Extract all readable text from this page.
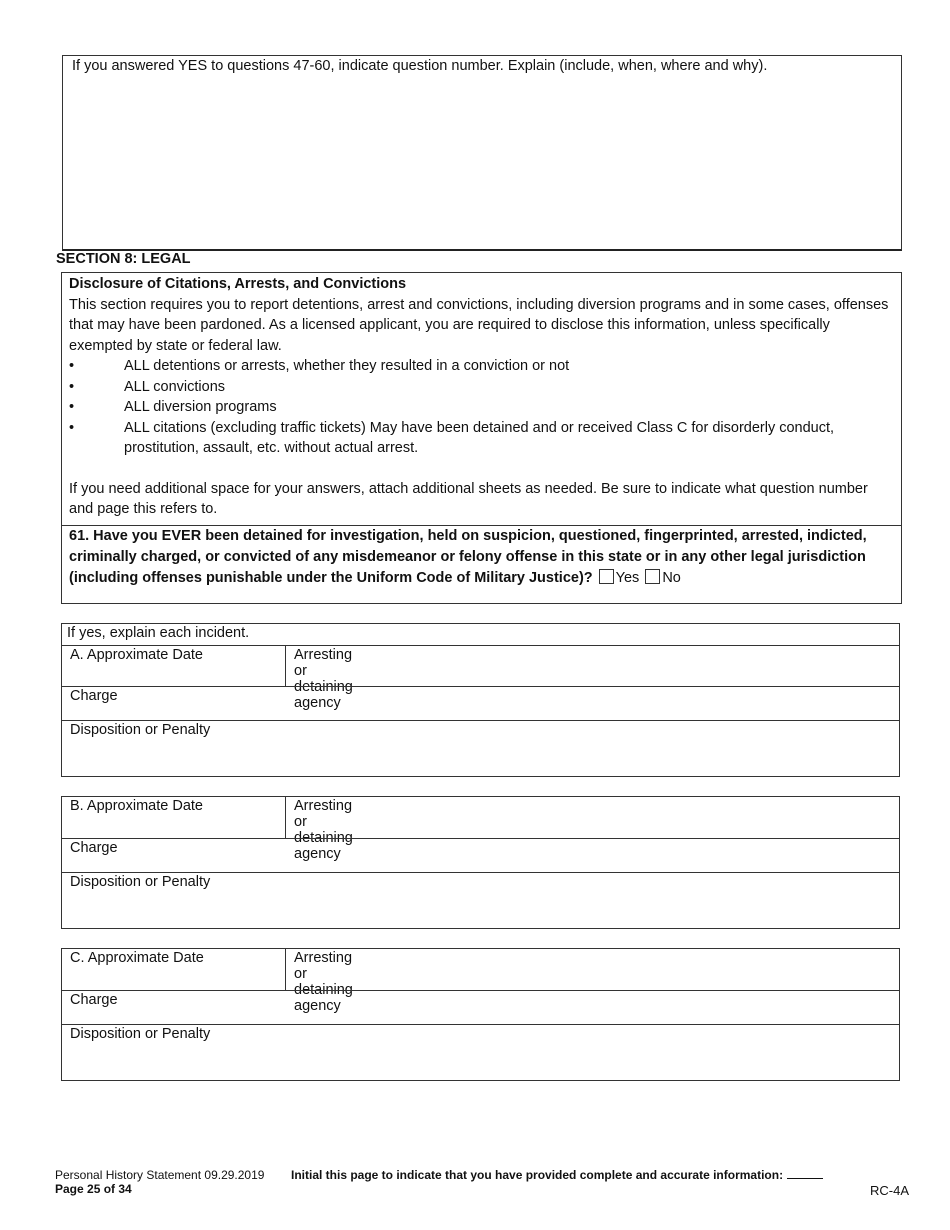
If you answered YES to questions 47-60, indicate question number. Explain (include, when, where and why).
SECTION 8: LEGAL
Disclosure of Citations, Arrests, and Convictions
This section requires you to report detentions, arrest and convictions, including diversion programs and in some cases, offenses that may have been pardoned. As a licensed applicant, you are required to disclose this information, unless specifically exempted by state or federal law.
•	ALL detentions or arrests, whether they resulted in a conviction or not
•	ALL convictions
•	ALL diversion programs
•	ALL citations (excluding traffic tickets) May have been detained and or received Class C for disorderly conduct, prostitution, assault, etc. without actual arrest.
If you need additional space for your answers, attach additional sheets as needed. Be sure to indicate what question number and page this refers to.
61. Have you EVER been detained for investigation, held on suspicion, questioned, fingerprinted, arrested, indicted, criminally charged, or convicted of any misdemeanor or felony offense in this state or in any other legal jurisdiction (including offenses punishable under the Uniform Code of Military Justice)? Yes No
If yes, explain each incident.
A. Approximate Date	Arresting or detaining agency
Charge
Disposition or Penalty
B. Approximate Date	Arresting or detaining agency
Charge
Disposition or Penalty
C. Approximate Date	Arresting or detaining agency
Charge
Disposition or Penalty
Personal History Statement 09.29.2019
Page 25 of 34
Initial this page to indicate that you have provided complete and accurate information:
RC-4A
